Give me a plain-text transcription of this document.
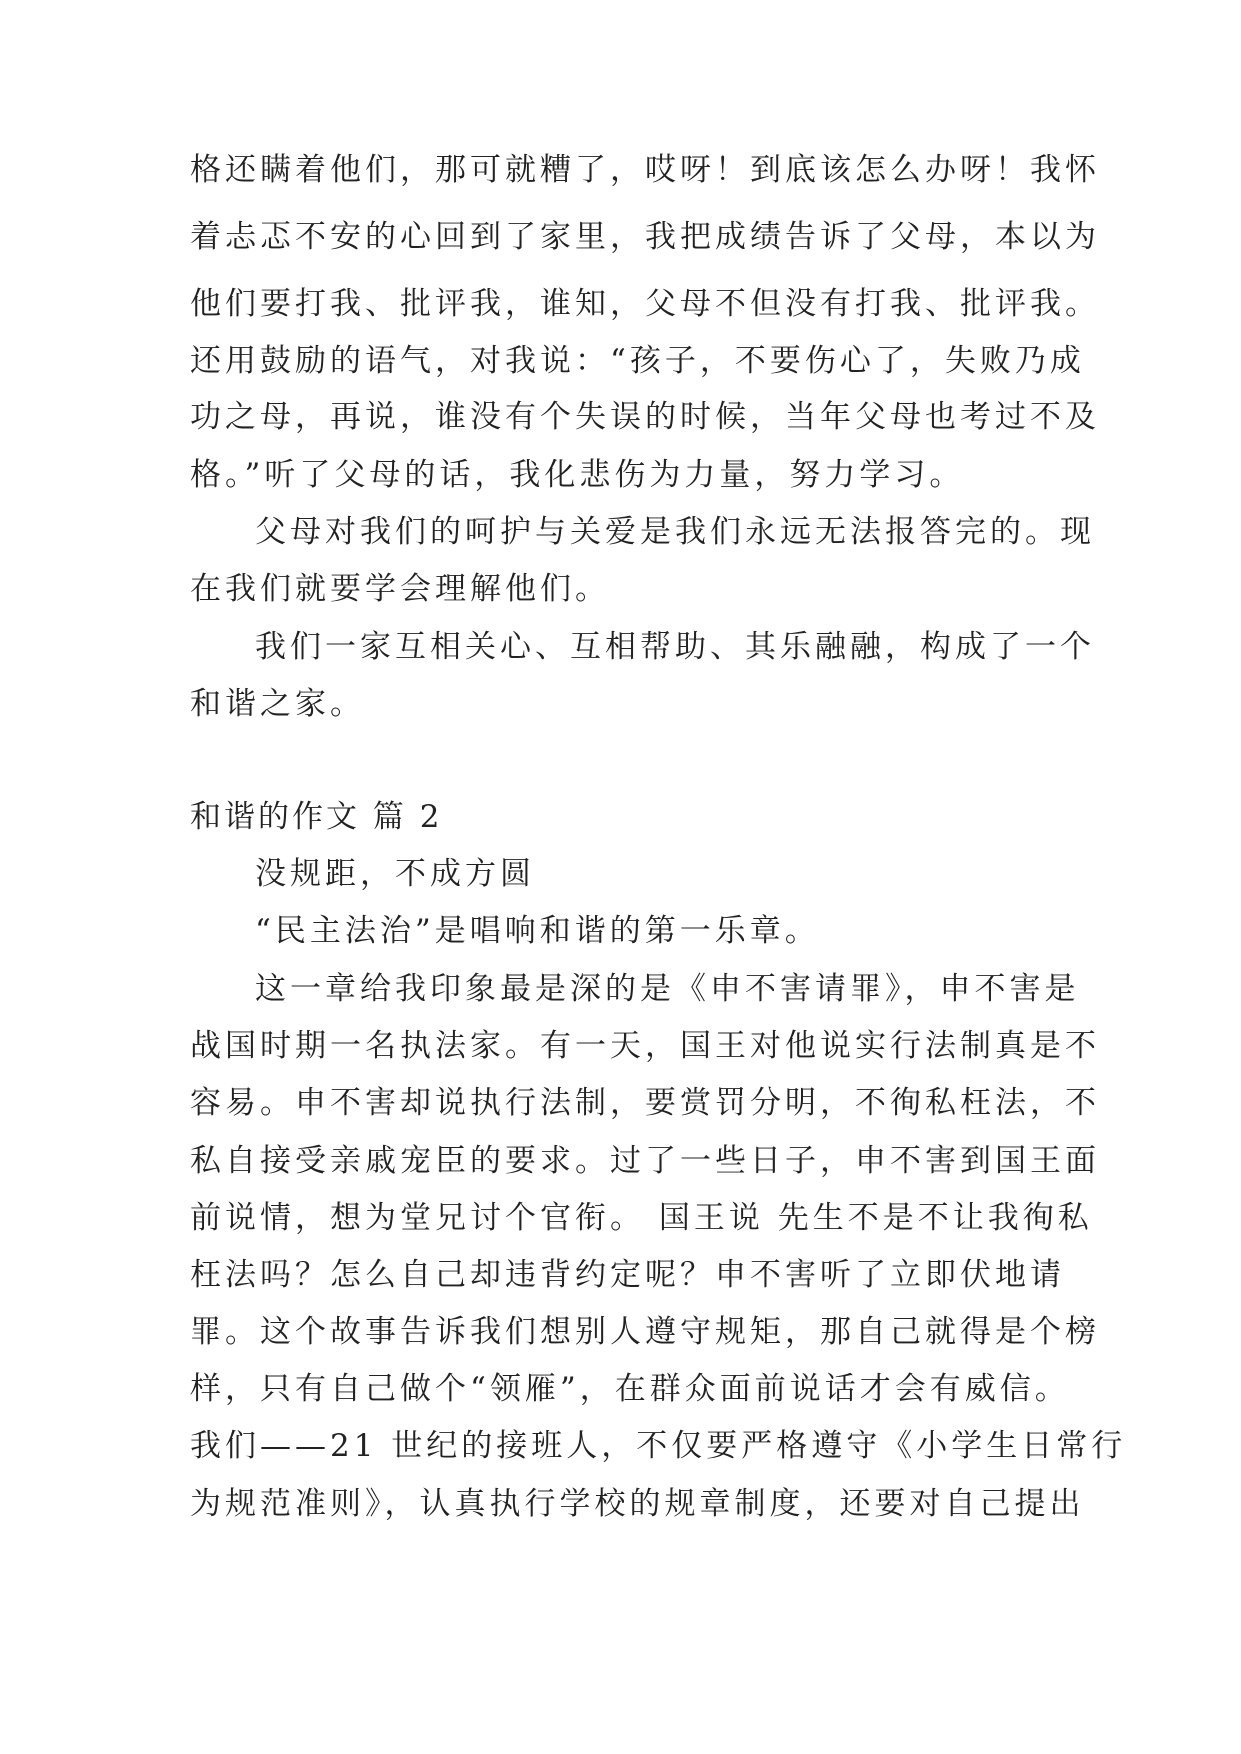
格还瞒着他们，那可就糟了，哎呀！到底该怎么办呀！我怀
着忐忑不安的心回到了家里，我把成绩告诉了父母，本以为
他们要打我、批评我，谁知，父母不但没有打我、批评我。
还用鼓励的语气，对我说：“孩子，不要伤心了，失败乃成
功之母，再说，谁没有个失误的时候，当年父母也考过不及
格。”听了父母的话，我化悲伤为力量，努力学习。
父母对我们的呵护与关爱是我们永远无法报答完的。现
在我们就要学会理解他们。
我们一家互相关心、互相帮助、其乐融融，构成了一个
和谐之家。
和谐的作文 篇 2
没规距，不成方圆
“民主法治”是唱响和谐的第一乐章。
这一章给我印象最是深的是《申不害请罪》，申不害是
战国时期一名执法家。有一天，国王对他说实行法制真是不
容易。申不害却说执行法制，要赏罚分明，不徇私枉法，不
私自接受亲戚宠臣的要求。过了一些日子，申不害到国王面
前说情，想为堂兄讨个官衔。 国王说 先生不是不让我徇私
枉法吗？怎么自己却违背约定呢？申不害听了立即伏地请
罪。这个故事告诉我们想别人遵守规矩，那自己就得是个榜
样，只有自己做个“领雁”，在群众面前说话才会有威信。
我们——21 世纪的接班人，不仅要严格遵守《小学生日常行
为规范准则》，认真执行学校的规章制度，还要对自己提出
